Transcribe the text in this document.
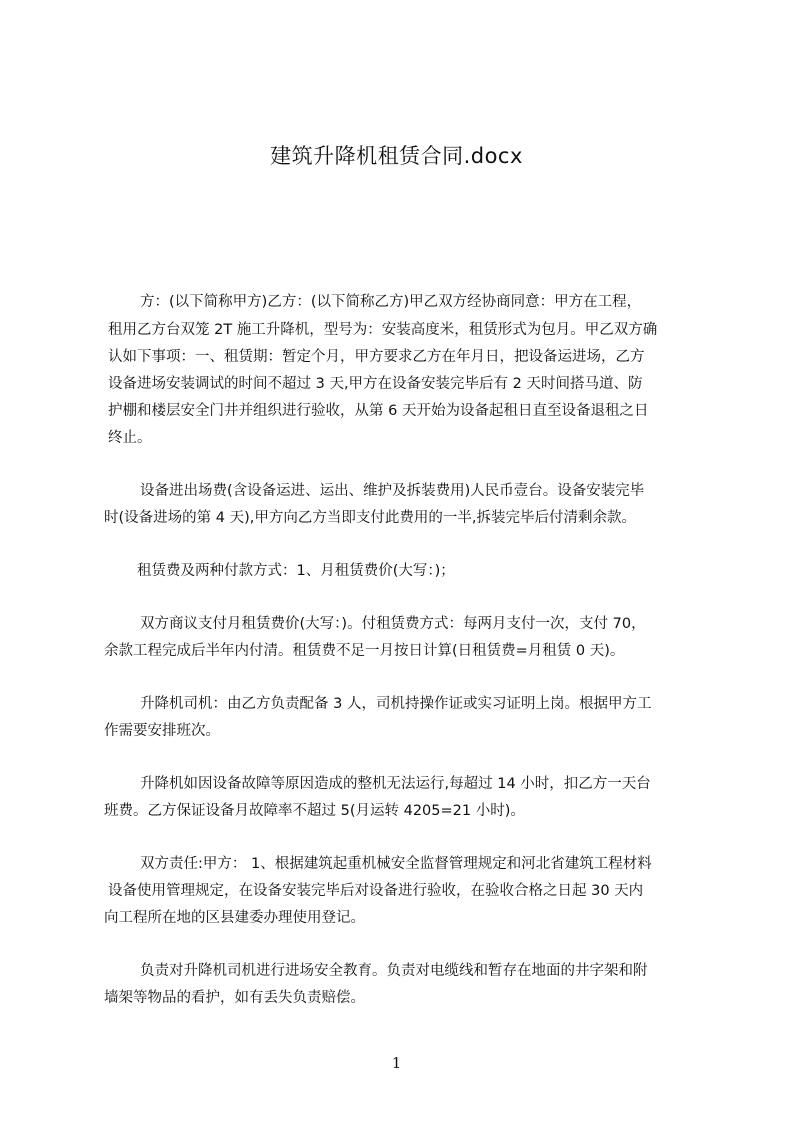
建筑升降机租赁合同.docx

方：(以下简称甲方)乙方：(以下简称乙方)甲乙双方经协商同意：甲方在工程，

租用乙方台双笼 2T 施工升降机，型号为：安装高度米，租赁形式为包月。甲乙双方确

认如下事项：一、租赁期：暂定个月，甲方要求乙方在年月日，把设备运进场，乙方

设备进场安装调试的时间不超过 3 天,甲方在设备安装完毕后有 2 天时间搭马道、防

护棚和楼层安全门井并组织进行验收，从第 6 天开始为设备起租日直至设备退租之日

终止。

设备进出场费(含设备运进、运出、维护及拆装费用)人民币壹台。设备安装完毕

时(设备进场的第 4 天),甲方向乙方当即支付此费用的一半,拆装完毕后付清剩余款。

租赁费及两种付款方式：1、月租赁费价(大写：)；

双方商议支付月租赁费价(大写：)。付租赁费方式：每两月支付一次，支付 70，

余款工程完成后半年内付清。租赁费不足一月按日计算(日租赁费=月租赁 0 天)。

升降机司机：由乙方负责配备 3 人，司机持操作证或实习证明上岗。根据甲方工

作需要安排班次。

升降机如因设备故障等原因造成的整机无法运行,每超过 14 小时，扣乙方一天台

班费。乙方保证设备月故障率不超过 5(月运转 4205=21 小时)。

双方责任:甲方： 1、根据建筑起重机械安全监督管理规定和河北省建筑工程材料

设备使用管理规定，在设备安装完毕后对设备进行验收，在验收合格之日起 30 天内

向工程所在地的区县建委办理使用登记。

负责对升降机司机进行进场安全教育。负责对电缆线和暂存在地面的井字架和附

墙架等物品的看护，如有丢失负责赔偿。

1
